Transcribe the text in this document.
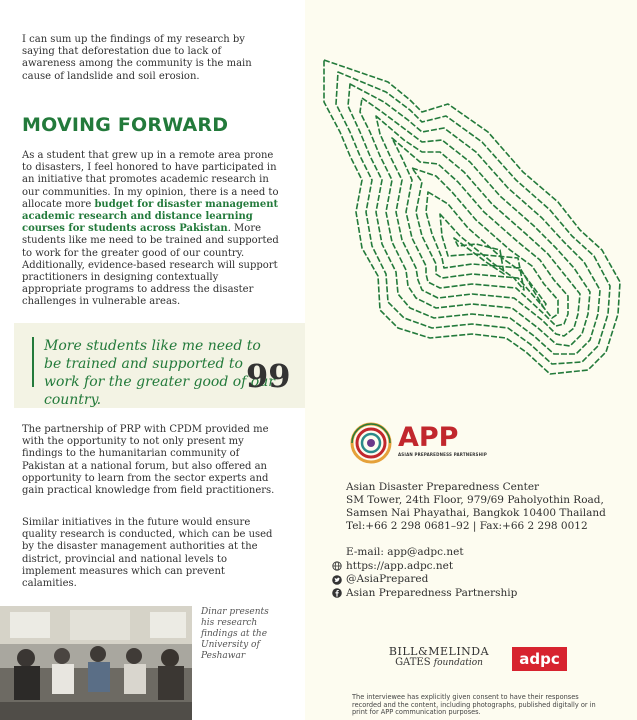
I can sum up the findings of my research by saying that deforestation due to lack of awareness among the community is the main cause of landslide and soil erosion.

MOVING FORWARD

As a student that grew up in a remote area prone to disasters, I feel honored to have participated in an initiative that promotes academic research in our communities. In my opinion, there is a need to allocate more budget for disaster management academic research and distance learning courses for students across Pakistan. More students like me need to be trained and supported to work for the greater good of our country. Additionally, evidence-based research will support practitioners in designing contextually appropriate programs to address the disaster challenges in vulnerable areas.

More students like me need to be trained and supported to work for the greater good of our country.

99

The partnership of PRP with CPDM provided me with the opportunity to not only present my findings to the humanitarian community of Pakistan at a national forum, but also offered an opportunity to learn from the sector experts and gain practical knowledge from field practitioners.

Similar initiatives in the future would ensure quality research is conducted, which can be used by the disaster management authorities at the district, provincial and national levels to implement measures which can prevent calamities.

Dinar presents his research findings at the University of Peshawar

APP
ASIAN PREPAREDNESS PARTNERSHIP
Asian Disaster Preparedness Center
SM Tower, 24th Floor, 979/69 Paholyothin Road,
Samsen Nai Phayathai, Bangkok 10400 Thailand
Tel:+66 2 298 0681–92 | Fax:+66 2 298 0012
E-mail: app@adpc.net
https://app.adpc.net
@AsiaPrepared
Asian Preparedness Partnership
BILL&MELINDA
GATES foundation	adpc

The interviewee has explicitly given consent to have their responses recorded and the content, including photographs, published digitally or in print for APP communication purposes.
